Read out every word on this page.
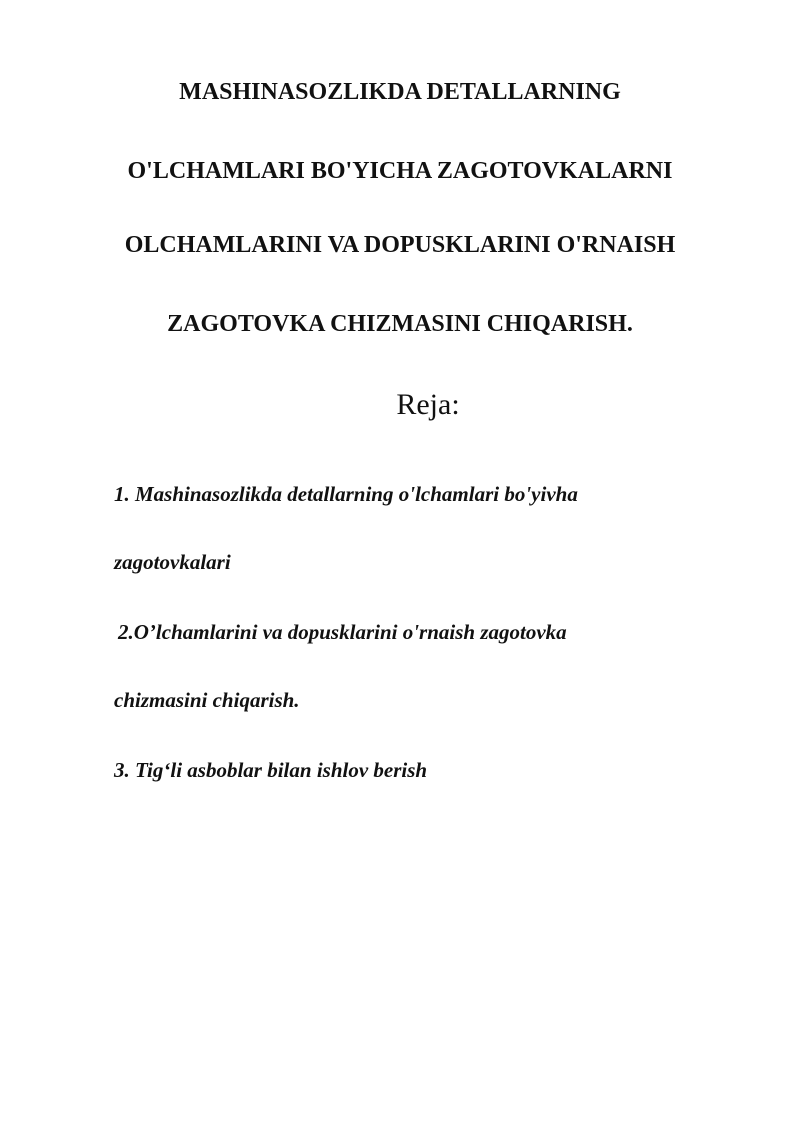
MASHINASOZLIKDA DETALLARNING
O'LCHAMLARI BO'YICHA ZAGOTOVKALARNI
OLCHAMLARINI VA DOPUSKLARINI O'RNAISH
ZAGOTOVKA CHIZMASINI CHIQARISH.
Reja:
1. Mashinasozlikda detallarning o'lchamlari bo'yivha
zagotovkalari
2.O’lchamlarini va dopusklarini o'rnaish zagotovka
chizmasini chiqarish.
3. Tig‘li asboblar bilan ishlov berish
